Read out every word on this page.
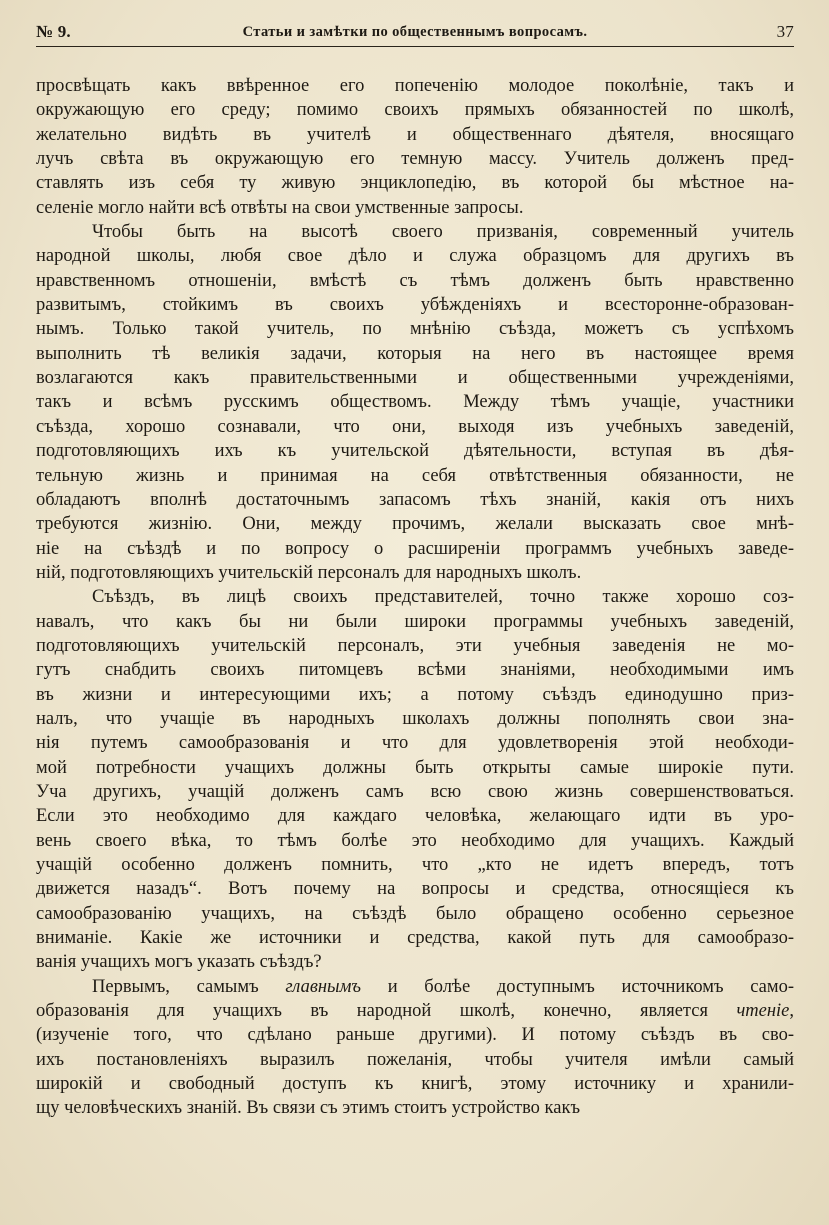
№ 9.	Статьи и замѣтки по общественнымъ вопросамъ.	37
просвѣщать какъ ввѣренное его попеченію молодое поколѣніе, такъ и
окружающую его среду; помимо своихъ прямыхъ обязанностей по школѣ,
желательно видѣть въ учителѣ и общественнаго дѣятеля, вносящаго
лучъ свѣта въ окружающую его темную массу. Учитель долженъ пред-
ставлять изъ себя ту живую энциклопедію, въ которой бы мѣстное на-
селеніе могло найти всѣ отвѣты на свои умственные запросы.
Чтобы быть на высотѣ своего призванія, современный учитель
народной школы, любя свое дѣло и служа образцомъ для другихъ въ
нравственномъ отношеніи, вмѣстѣ съ тѣмъ долженъ быть нравственно
развитымъ, стойкимъ въ своихъ убѣжденіяхъ и всесторонне-образован-
нымъ. Только такой учитель, по мнѣнію съѣзда, можетъ съ успѣхомъ
выполнить тѣ великія задачи, которыя на него въ настоящее время
возлагаются какъ правительственными и общественными учрежденіями,
такъ и всѣмъ русскимъ обществомъ. Между тѣмъ учащіе, участники
съѣзда, хорошо сознавали, что они, выходя изъ учебныхъ заведеній,
подготовляющихъ ихъ къ учительской дѣятельности, вступая въ дѣя-
тельную жизнь и принимая на себя отвѣтственныя обязанности, не
обладаютъ вполнѣ достаточнымъ запасомъ тѣхъ знаній, какія отъ нихъ
требуются жизнію. Они, между прочимъ, желали высказать свое мнѣ-
ніе на съѣздѣ и по вопросу о расширеніи программъ учебныхъ заведе-
ній, подготовляющихъ учительскій персоналъ для народныхъ школъ.
Съѣздъ, въ лицѣ своихъ представителей, точно также хорошо соз-
навалъ, что какъ бы ни были широки программы учебныхъ заведеній,
подготовляющихъ учительскій персоналъ, эти учебныя заведенія не мо-
гутъ снабдить своихъ питомцевъ всѣми знаніями, необходимыми имъ
въ жизни и интересующими ихъ; а потому съѣздъ единодушно приз-
налъ, что учащіе въ народныхъ школахъ должны пополнять свои зна-
нія путемъ самообразованія и что для удовлетворенія этой необходи-
мой потребности учащихъ должны быть открыты самые широкіе пути.
Уча другихъ, учащій долженъ самъ всю свою жизнь совершенствоваться.
Если это необходимо для каждаго человѣка, желающаго идти въ уро-
вень своего вѣка, то тѣмъ болѣе это необходимо для учащихъ. Каждый
учащій особенно долженъ помнить, что „кто не идетъ впередъ, тотъ
движется назадъ“. Вотъ почему на вопросы и средства, относящіеся къ
самообразованію учащихъ, на съѣздѣ было обращено особенно серьезное
вниманіе. Какіе же источники и средства, какой путь для самообразо-
ванія учащихъ могъ указать съѣздъ?
Первымъ, самымъ главнымъ и болѣе доступнымъ источникомъ само-
образованія для учащихъ въ народной школѣ, конечно, является чтеніе,
(изученіе того, что сдѣлано раньше другими). И потому съѣздъ въ сво-
ихъ постановленіяхъ выразилъ пожеланія, чтобы учителя имѣли самый
широкій и свободный доступъ къ книгѣ, этому источнику и хранили-
щу человѣческихъ знаній. Въ связи съ этимъ стоитъ устройство какъ
